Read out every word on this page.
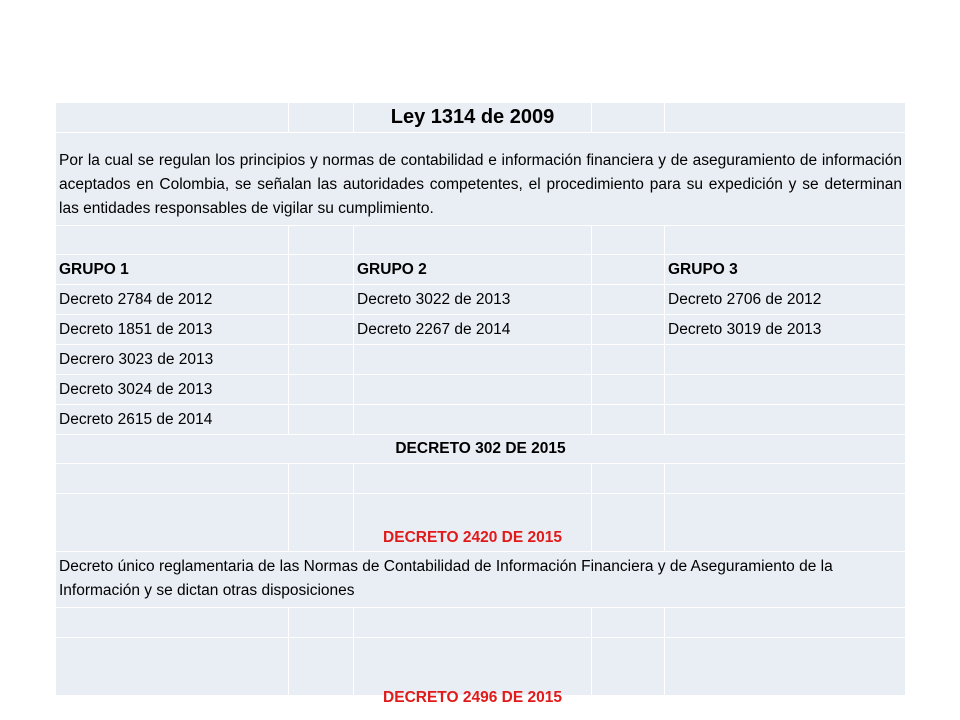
		Ley 1314 de 2009		
Por la cual se regulan los principios y normas de contabilidad e información financiera y de aseguramiento de información aceptados en Colombia, se señalan las autoridades competentes, el procedimiento para su expedición y se determinan las entidades responsables de vigilar su cumplimiento.				

GRUPO 1		GRUPO 2		GRUPO 3
Decreto 2784 de 2012		Decreto 3022 de 2013		Decreto 2706 de 2012
Decreto 1851 de 2013		Decreto 2267 de 2014		Decreto 3019 de 2013
Decrero 3023 de 2013				
Decreto 3024 de 2013				
Decreto 2615 de 2014				
DECRETO 302 DE 2015				

		DECRETO 2420 DE 2015		
Decreto único reglamentaria de las Normas de Contabilidad de Información Financiera y de Aseguramiento de la Información y se dictan otras disposiciones				

		DECRETO 2496 DE 2015		
